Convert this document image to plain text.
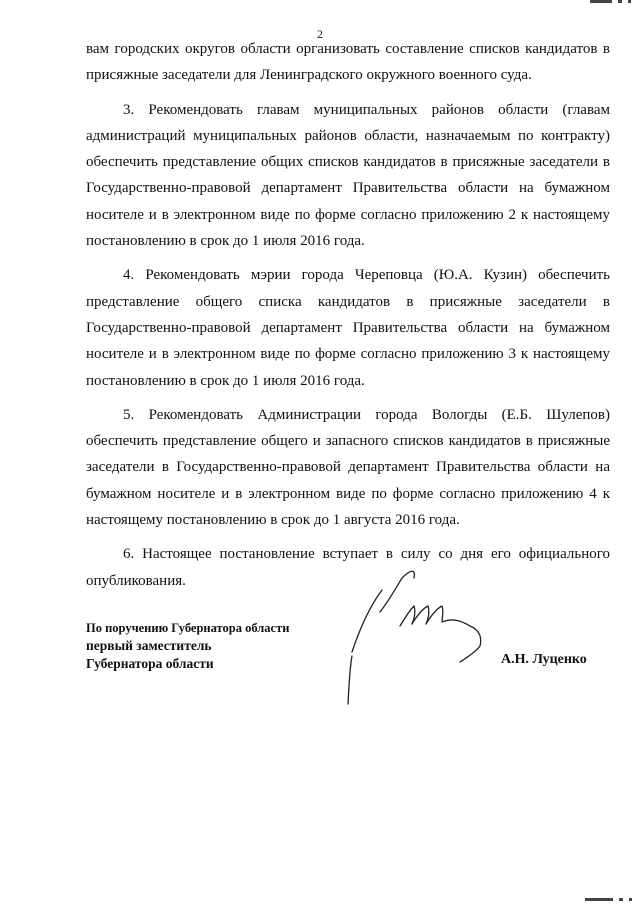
2

вам городских округов области организовать составление списков кандидатов в присяжные заседатели для Ленинградского окружного военного суда.

3. Рекомендовать главам муниципальных районов области (главам администраций муниципальных районов области, назначаемым по контракту) обеспечить представление общих списков кандидатов в присяжные заседатели в Государственно-правовой департамент Правительства области на бумажном носителе и в электронном виде по форме согласно приложению 2 к настоящему постановлению в срок до 1 июля 2016 года.

4. Рекомендовать мэрии города Череповца (Ю.А. Кузин) обеспечить представление общего списка кандидатов в присяжные заседатели в Государственно-правовой департамент Правительства области на бумажном носителе и в электронном виде по форме согласно приложению 3 к настоящему постановлению в срок до 1 июля 2016 года.

5. Рекомендовать Администрации города Вологды (Е.Б. Шулепов) обеспечить представление общего и запасного списков кандидатов в присяжные заседатели в Государственно-правовой департамент Правительства области на бумажном носителе и в электронном виде по форме согласно приложению 4 к настоящему постановлению в срок до 1 августа 2016 года.

6. Настоящее постановление вступает в силу со дня его официального опубликования.

По поручению Губернатора области
первый заместитель
Губернатора области	А.Н. Луценко
